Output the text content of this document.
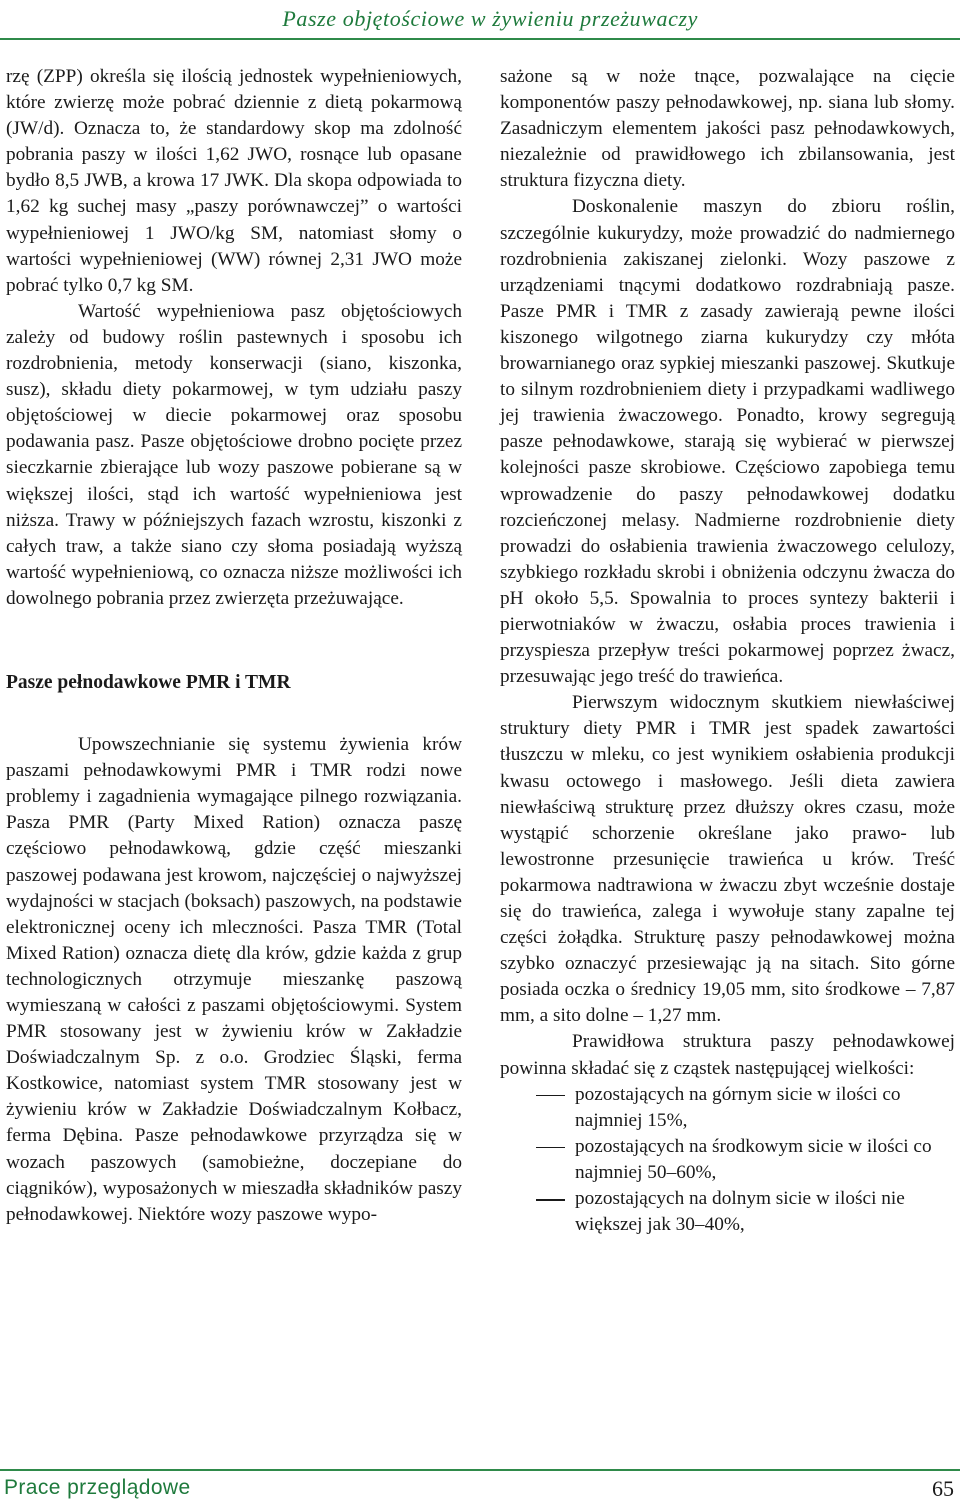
Pasze objętościowe w żywieniu przeżuwaczy

rzę (ZPP) określa się ilością jednostek wypełnieniowych, które zwierzę może pobrać dziennie z dietą pokarmową (JW/d). Oznacza to, że standardowy skop ma zdolność pobrania paszy w ilości 1,62 JWO, rosnące lub opasane bydło 8,5 JWB, a krowa 17 JWK. Dla skopa odpowiada to 1,62 kg suchej masy „paszy porównawczej” o wartości wypełnieniowej 1 JWO/kg SM, natomiast słomy o wartości wypełnieniowej (WW) równej 2,31 JWO może pobrać tylko 0,7 kg SM.

Wartość wypełnieniowa pasz objętościowych zależy od budowy roślin pastewnych i sposobu ich rozdrobnienia, metody konserwacji (siano, kiszonka, susz), składu diety pokarmowej, w tym udziału paszy objętościowej w diecie pokarmowej oraz sposobu podawania pasz. Pasze objętościowe drobno pocięte przez sieczkarnie zbierające lub wozy paszowe pobierane są w większej ilości, stąd ich wartość wypełnieniowa jest niższa. Trawy w późniejszych fazach wzrostu, kiszonki z całych traw, a także siano czy słoma posiadają wyższą wartość wypełnieniową, co oznacza niższe możliwości ich dowolnego pobrania przez zwierzęta przeżuwające.

Pasze pełnodawkowe PMR i TMR

Upowszechnianie się systemu żywienia krów paszami pełnodawkowymi PMR i TMR rodzi nowe problemy i zagadnienia wymagające pilnego rozwiązania. Pasza PMR (Party Mixed Ration) oznacza paszę częściowo pełnodawkową, gdzie część mieszanki paszowej podawana jest krowom, najczęściej o najwyższej wydajności w stacjach (boksach) paszowych, na podstawie elektronicznej oceny ich mleczności. Pasza TMR (Total Mixed Ration) oznacza dietę dla krów, gdzie każda z grup technologicznych otrzymuje mieszankę paszową wymieszaną w całości z paszami objętościowymi. System PMR stosowany jest w żywieniu krów w Zakładzie Doświadczalnym Sp. z o.o. Grodziec Śląski, ferma Kostkowice, natomiast system TMR stosowany jest w żywieniu krów w Zakładzie Doświadczalnym Kołbacz, ferma Dębina. Pasze pełnodawkowe przyrządza się w wozach paszowych (samobieżne, doczepiane do ciągników), wyposażonych w mieszadła składników paszy pełnodawkowej. Niektóre wozy paszowe wypo-

sażone są w noże tnące, pozwalające na cięcie komponentów paszy pełnodawkowej, np. siana lub słomy. Zasadniczym elementem jakości pasz pełnodawkowych, niezależnie od prawidłowego ich zbilansowania, jest struktura fizyczna diety.

Doskonalenie maszyn do zbioru roślin, szczególnie kukurydzy, może prowadzić do nadmiernego rozdrobnienia zakiszanej zielonki. Wozy paszowe z urządzeniami tnącymi dodatkowo rozdrabniają pasze. Pasze PMR i TMR z zasady zawierają pewne ilości kiszonego wilgotnego ziarna kukurydzy czy młóta browarnianego oraz sypkiej mieszanki paszowej. Skutkuje to silnym rozdrobnieniem diety i przypadkami wadliwego jej trawienia żwaczowego. Ponadto, krowy segregują pasze pełnodawkowe, starają się wybierać w pierwszej kolejności pasze skrobiowe. Częściowo zapobiega temu wprowadzenie do paszy pełnodawkowej dodatku rozcieńczonej melasy. Nadmierne rozdrobnienie diety prowadzi do osłabienia trawienia żwaczowego celulozy, szybkiego rozkładu skrobi i obniżenia odczynu żwacza do pH około 5,5. Spowalnia to proces syntezy bakterii i pierwotniaków w żwaczu, osłabia proces trawienia i przyspiesza przepływ treści pokarmowej poprzez żwacz, przesuwając jego treść do trawieńca.

Pierwszym widocznym skutkiem niewłaściwej struktury diety PMR i TMR jest spadek zawartości tłuszczu w mleku, co jest wynikiem osłabienia produkcji kwasu octowego i masłowego. Jeśli dieta zawiera niewłaściwą strukturę przez dłuższy okres czasu, może wystąpić schorzenie określane jako prawo- lub lewostronne przesunięcie trawieńca u krów. Treść pokarmowa nadtrawiona w żwaczu zbyt wcześnie dostaje się do trawieńca, zalega i wywołuje stany zapalne tej części żołądka. Strukturę paszy pełnodawkowej można szybko oznaczyć przesiewając ją na sitach. Sito górne posiada oczka o średnicy 19,05 mm, sito środkowe – 7,87 mm, a sito dolne – 1,27 mm.

Prawidłowa struktura paszy pełnodawkowej powinna składać się z cząstek następującej wielkości:

pozostających na górnym sicie w ilości co najmniej 15%,
pozostających na środkowym sicie w ilości co najmniej 50–60%,
pozostających na dolnym sicie w ilości nie większej jak 30–40%,
Prace przeglądowe	65
